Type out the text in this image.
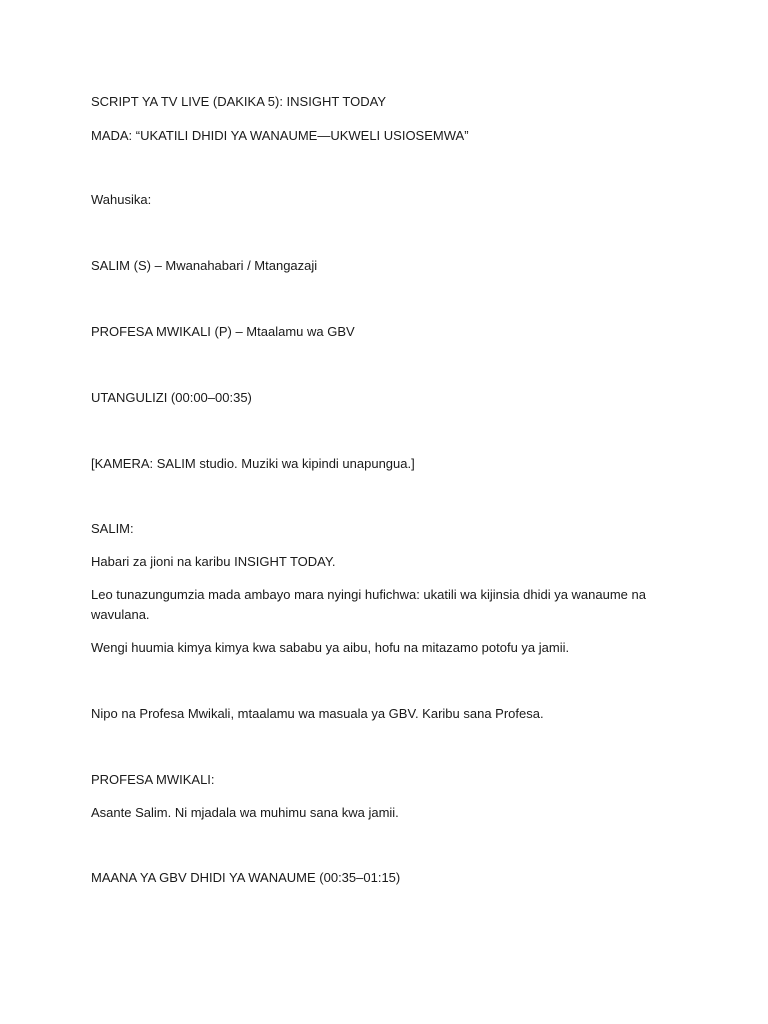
SCRIPT YA TV LIVE (DAKIKA 5): INSIGHT TODAY

MADA: “UKATILI DHIDI YA WANAUME—UKWELI USIOSEMWA”

Wahusika:

SALIM (S) – Mwanahabari / Mtangazaji

PROFESA MWIKALI (P) – Mtaalamu wa GBV

UTANGULIZI (00:00–00:35)

[KAMERA: SALIM studio. Muziki wa kipindi unapungua.]

SALIM:

Habari za jioni na karibu INSIGHT TODAY.

Leo tunazungumzia mada ambayo mara nyingi hufichwa: ukatili wa kijinsia dhidi ya wanaume na wavulana.

Wengi huumia kimya kimya kwa sababu ya aibu, hofu na mitazamo potofu ya jamii.

Nipo na Profesa Mwikali, mtaalamu wa masuala ya GBV. Karibu sana Profesa.

PROFESA MWIKALI:

Asante Salim. Ni mjadala wa muhimu sana kwa jamii.

MAANA YA GBV DHIDI YA WANAUME (00:35–01:15)
